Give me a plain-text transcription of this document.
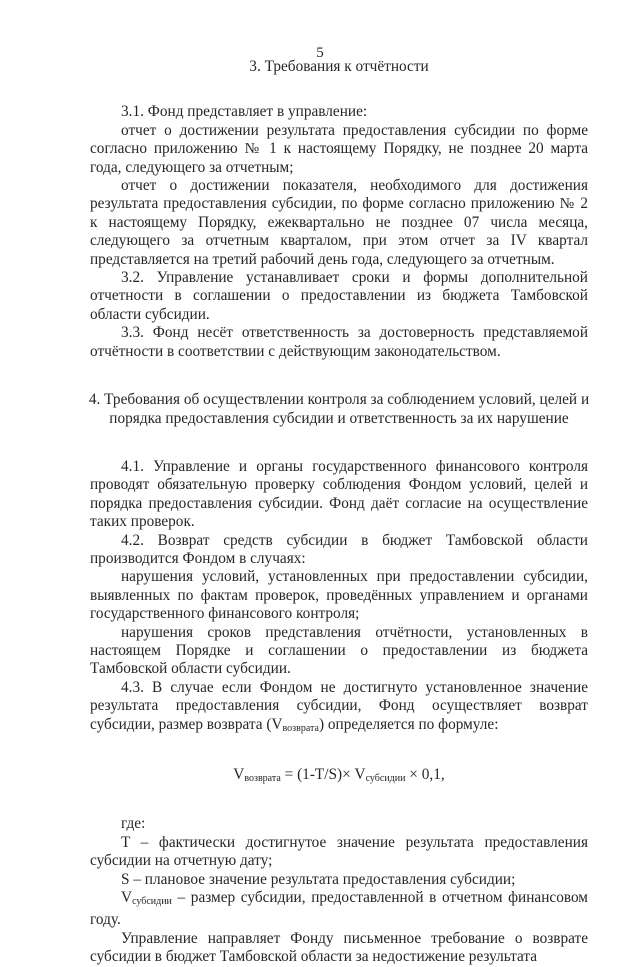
5
3. Требования к отчётности

3.1. Фонд представляет в управление:

отчет о достижении результата предоставления субсидии по форме согласно приложению № 1 к настоящему Порядку, не позднее 20 марта года, следующего за отчетным;

отчет о достижении показателя, необходимого для достижения результата предоставления субсидии, по форме согласно приложению № 2 к настоящему Порядку, ежеквартально не позднее 07 числа месяца, следующего за отчетным кварталом, при этом отчет за IV квартал представляется на третий рабочий день года, следующего за отчетным.

3.2. Управление устанавливает сроки и формы дополнительной отчетности в соглашении о предоставлении из бюджета Тамбовской области субсидии.

3.3. Фонд несёт ответственность за достоверность представляемой отчётности в соответствии с действующим законодательством.

4. Требования об осуществлении контроля за соблюдением условий, целей и
порядка предоставления субсидии и ответственность за их нарушение

4.1. Управление и органы государственного финансового контроля проводят обязательную проверку соблюдения Фондом условий, целей и порядка предоставления субсидии. Фонд даёт согласие на осуществление таких проверок.

4.2. Возврат средств субсидии в бюджет Тамбовской области производится Фондом в случаях:

нарушения условий, установленных при предоставлении субсидии, выявленных по фактам проверок, проведённых управлением и органами государственного финансового контроля;

нарушения сроков представления отчётности, установленных в настоящем Порядке и соглашении о предоставлении из бюджета Тамбовской области субсидии.

4.3. В случае если Фондом не достигнуто установленное значение результата предоставления субсидии, Фонд осуществляет возврат субсидии, размер возврата $(V_{возврата})$ определяется по формуле:

$V_{возврата} = (1-T/S)\times V_{субсидии} \times 0,1$,

где:

T – фактически достигнутое значение результата предоставления субсидии на отчетную дату;

S – плановое значение результата предоставления субсидии;

$V_{субсидии}$ – размер субсидии, предоставленной в отчетном финансовом году.

Управление направляет Фонду письменное требование о возврате субсидии в бюджет Тамбовской области за недостижение результата
